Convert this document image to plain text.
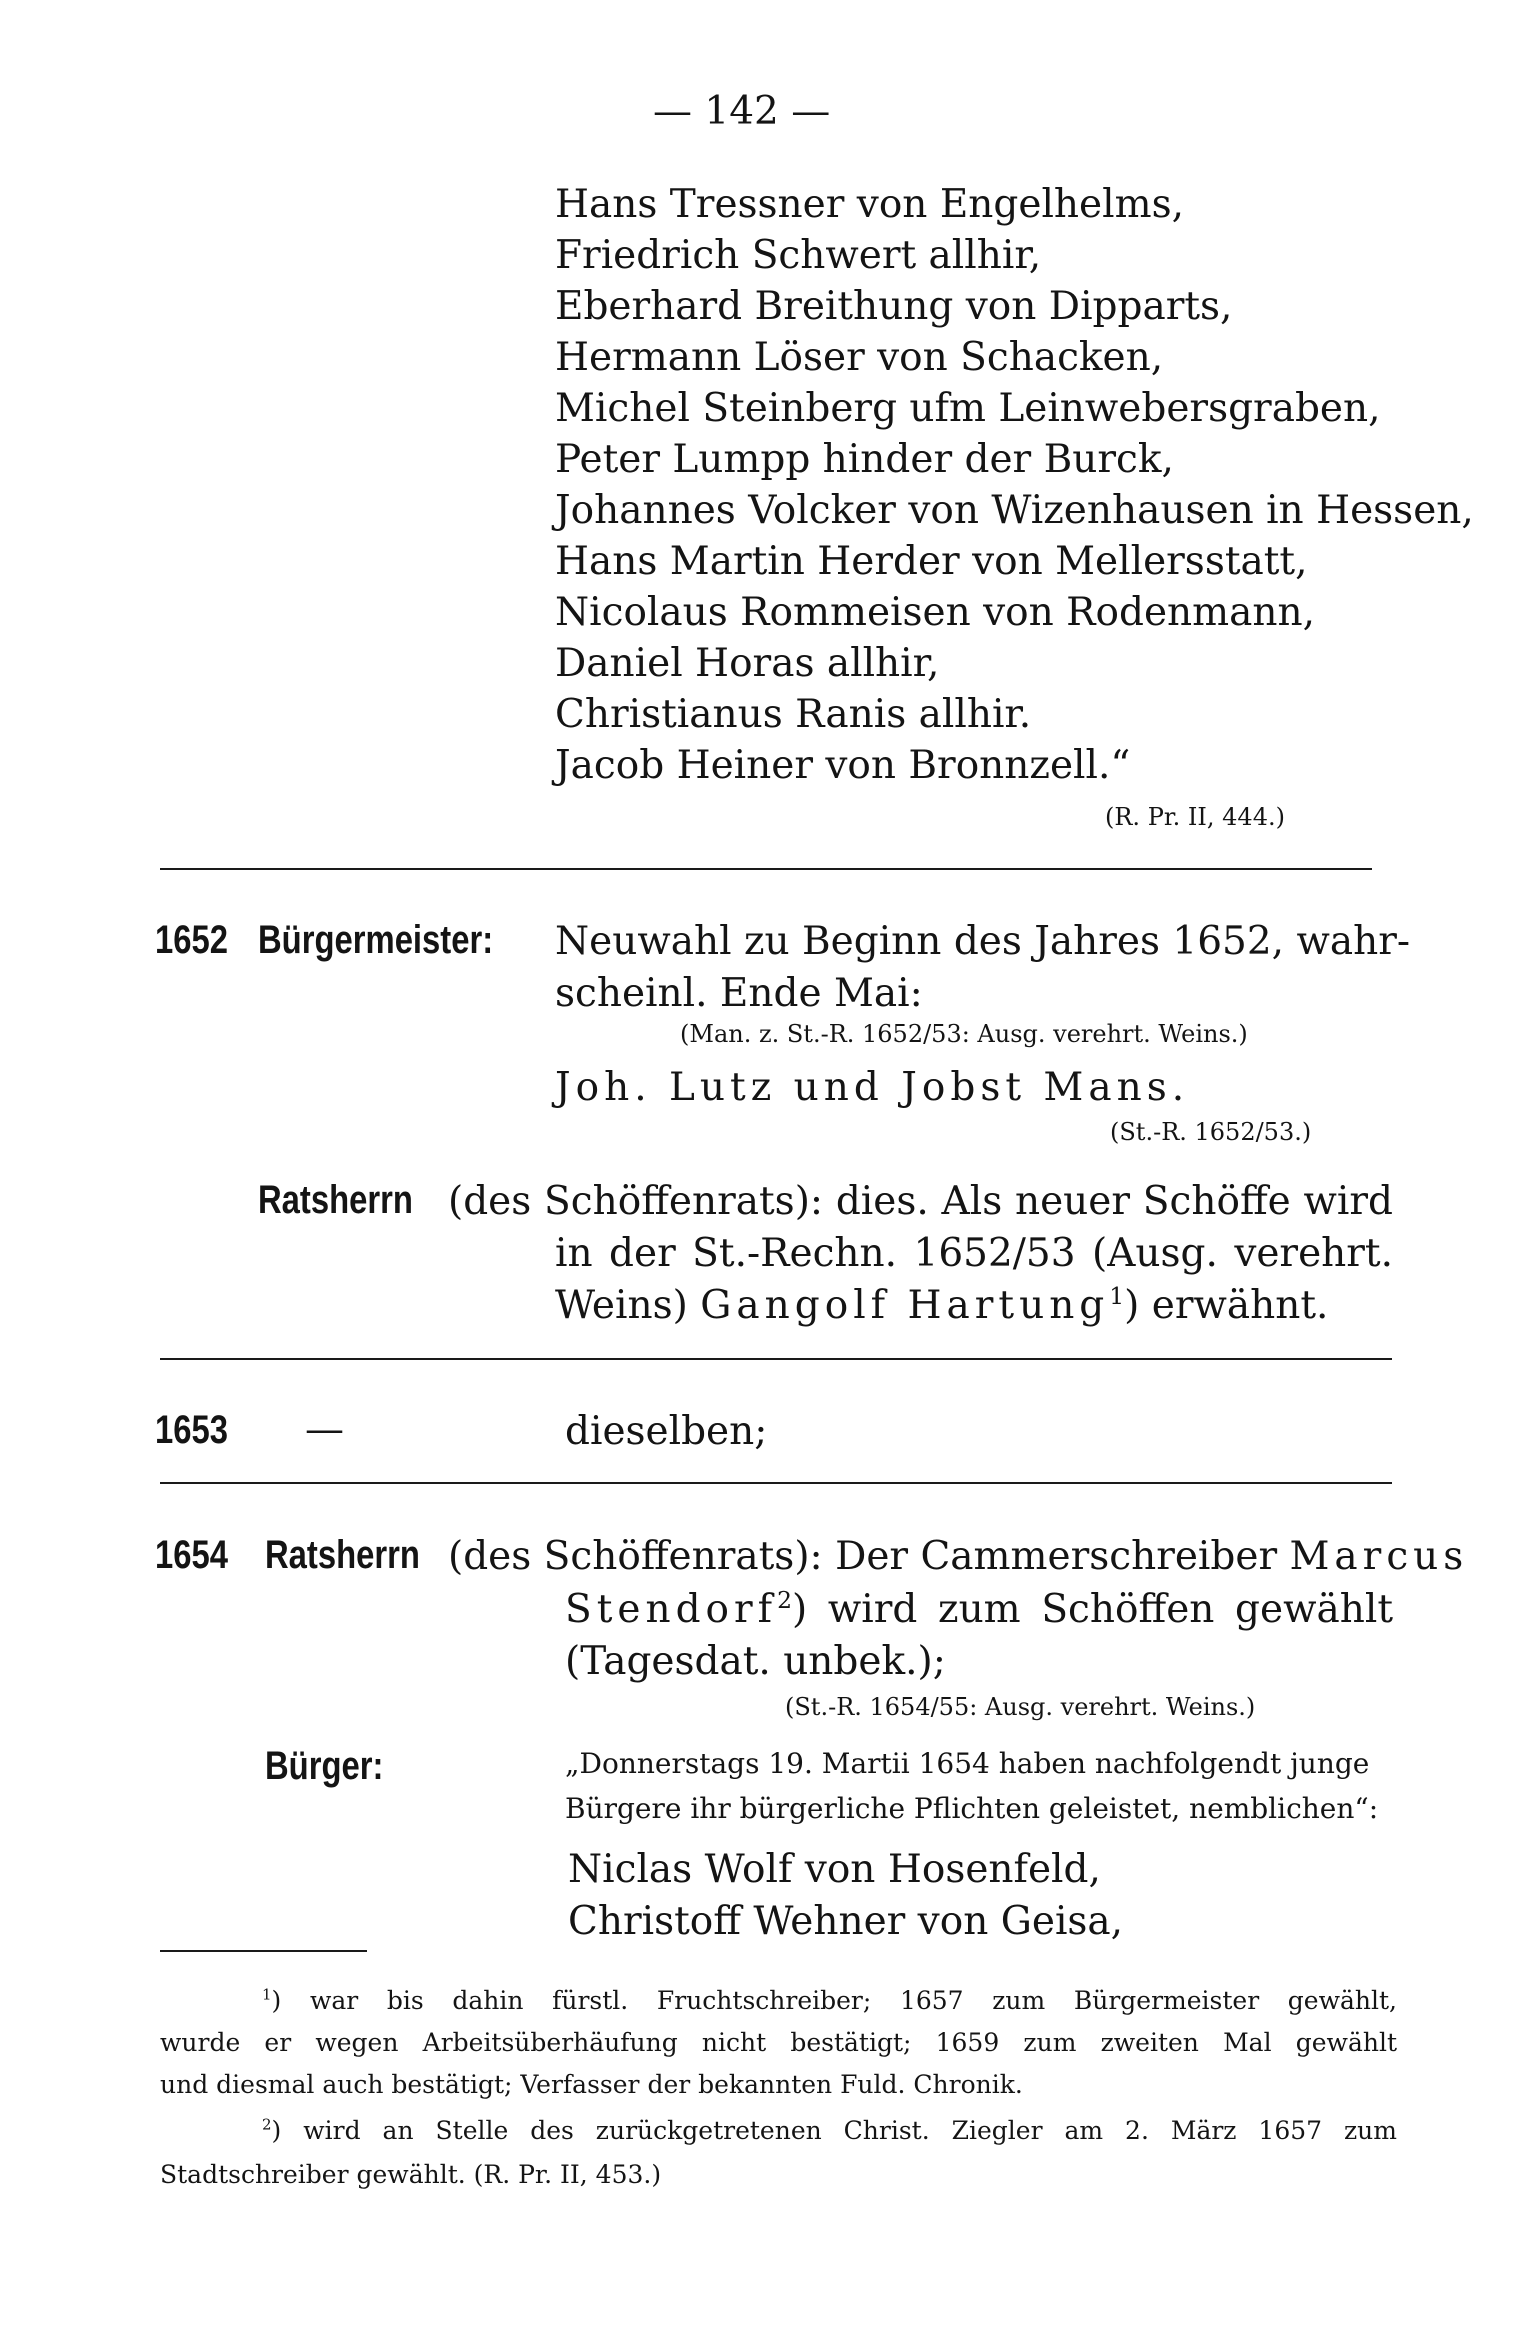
— 142 —
Hans Tressner von Engelhelms,
Friedrich Schwert allhir,
Eberhard Breithung von Dipparts,
Hermann Löser von Schacken,
Michel Steinberg ufm Leinwebersgraben,
Peter Lumpp hinder der Burck,
Johannes Volcker von Wizenhausen in Hessen,
Hans Martin Herder von Mellersstatt,
Nicolaus Rommeisen von Rodenmann,
Daniel Horas allhir,
Christianus Ranis allhir.
Jacob Heiner von Bronnzell.“
(R. Pr. II, 444.)
1652 Bürgermeister: Neuwahl zu Beginn des Jahres 1652, wahr-
scheinl. Ende Mai:
(Man. z. St.-R. 1652/53: Ausg. verehrt. Weins.)
Joh. Lutz und Jobst Mans.
(St.-R. 1652/53.)
Ratsherrn (des Schöffenrats): dies. Als neuer Schöffe wird
in der St.-Rechn. 1652/53 (Ausg. verehrt.
Weins) Gangolf Hartung$^1$) erwähnt.
1653 —	dieselben;
1654 Ratsherrn (des Schöffenrats): Der Cammerschreiber Marcus
Stendorf$^2$) wird zum Schöffen gewählt
(Tagesdat. unbek.);
(St.-R. 1654/55: Ausg. verehrt. Weins.)
Bürger:	„Donnerstags 19. Martii 1654 haben nachfolgendt junge
Bürgere ihr bürgerliche Pflichten geleistet, nemblichen“:
Niclas Wolf von Hosenfeld,
Christoff Wehner von Geisa,
$^1$) war bis dahin fürstl. Fruchtschreiber; 1657 zum Bürgermeister gewählt,
wurde er wegen Arbeitsüberhäufung nicht bestätigt; 1659 zum zweiten Mal gewählt
und diesmal auch bestätigt; Verfasser der bekannten Fuld. Chronik.
$^2$) wird an Stelle des zurückgetretenen Christ. Ziegler am 2. März 1657 zum
Stadtschreiber gewählt. (R. Pr. II, 453.)
